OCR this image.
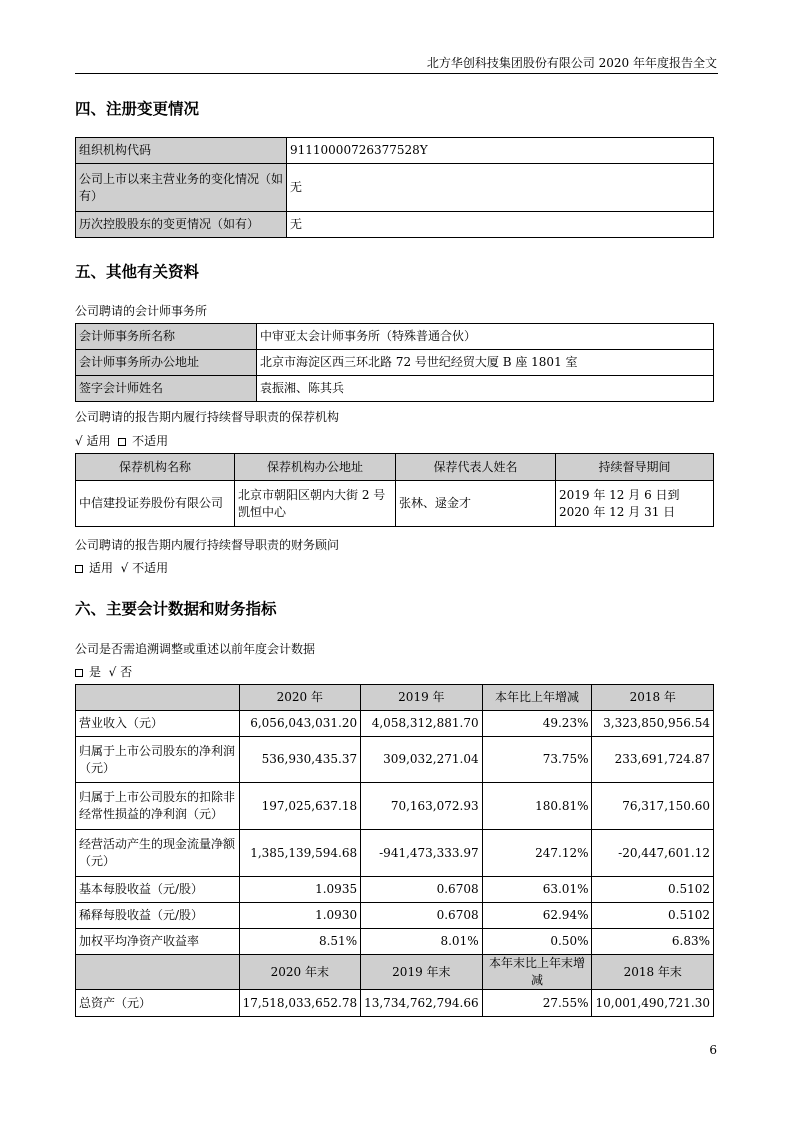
北方华创科技集团股份有限公司 2020 年年度报告全文
四、注册变更情况
组织机构代码	91110000726377528Y
公司上市以来主营业务的变化情况（如有）	无
历次控股股东的变更情况（如有）	无
五、其他有关资料
公司聘请的会计师事务所
会计师事务所名称	中审亚太会计师事务所（特殊普通合伙）
会计师事务所办公地址	北京市海淀区西三环北路 72 号世纪经贸大厦 B 座 1801 室
签字会计师姓名	袁振湘、陈其兵
公司聘请的报告期内履行持续督导职责的保荐机构
√ 适用 不适用
保荐机构名称	保荐机构办公地址	保荐代表人姓名	持续督导期间
中信建投证券股份有限公司	北京市朝阳区朝内大街 2 号凯恒中心	张林、逯金才	2019 年 12 月 6 日到 2020 年 12 月 31 日
公司聘请的报告期内履行持续督导职责的财务顾问
适用 √ 不适用
六、主要会计数据和财务指标
公司是否需追溯调整或重述以前年度会计数据
是 √ 否
	2020 年	2019 年	本年比上年增减	2018 年
营业收入（元）	6,056,043,031.20	4,058,312,881.70	49.23%	3,323,850,956.54
归属于上市公司股东的净利润（元）	536,930,435.37	309,032,271.04	73.75%	233,691,724.87
归属于上市公司股东的扣除非经常性损益的净利润（元）	197,025,637.18	70,163,072.93	180.81%	76,317,150.60
经营活动产生的现金流量净额（元）	1,385,139,594.68	-941,473,333.97	247.12%	-20,447,601.12
基本每股收益（元/股）	1.0935	0.6708	63.01%	0.5102
稀释每股收益（元/股）	1.0930	0.6708	62.94%	0.5102
加权平均净资产收益率	8.51%	8.01%	0.50%	6.83%
	2020 年末	2019 年末	本年末比上年末增减	2018 年末
总资产（元）	17,518,033,652.78	13,734,762,794.66	27.55%	10,001,490,721.30
6
